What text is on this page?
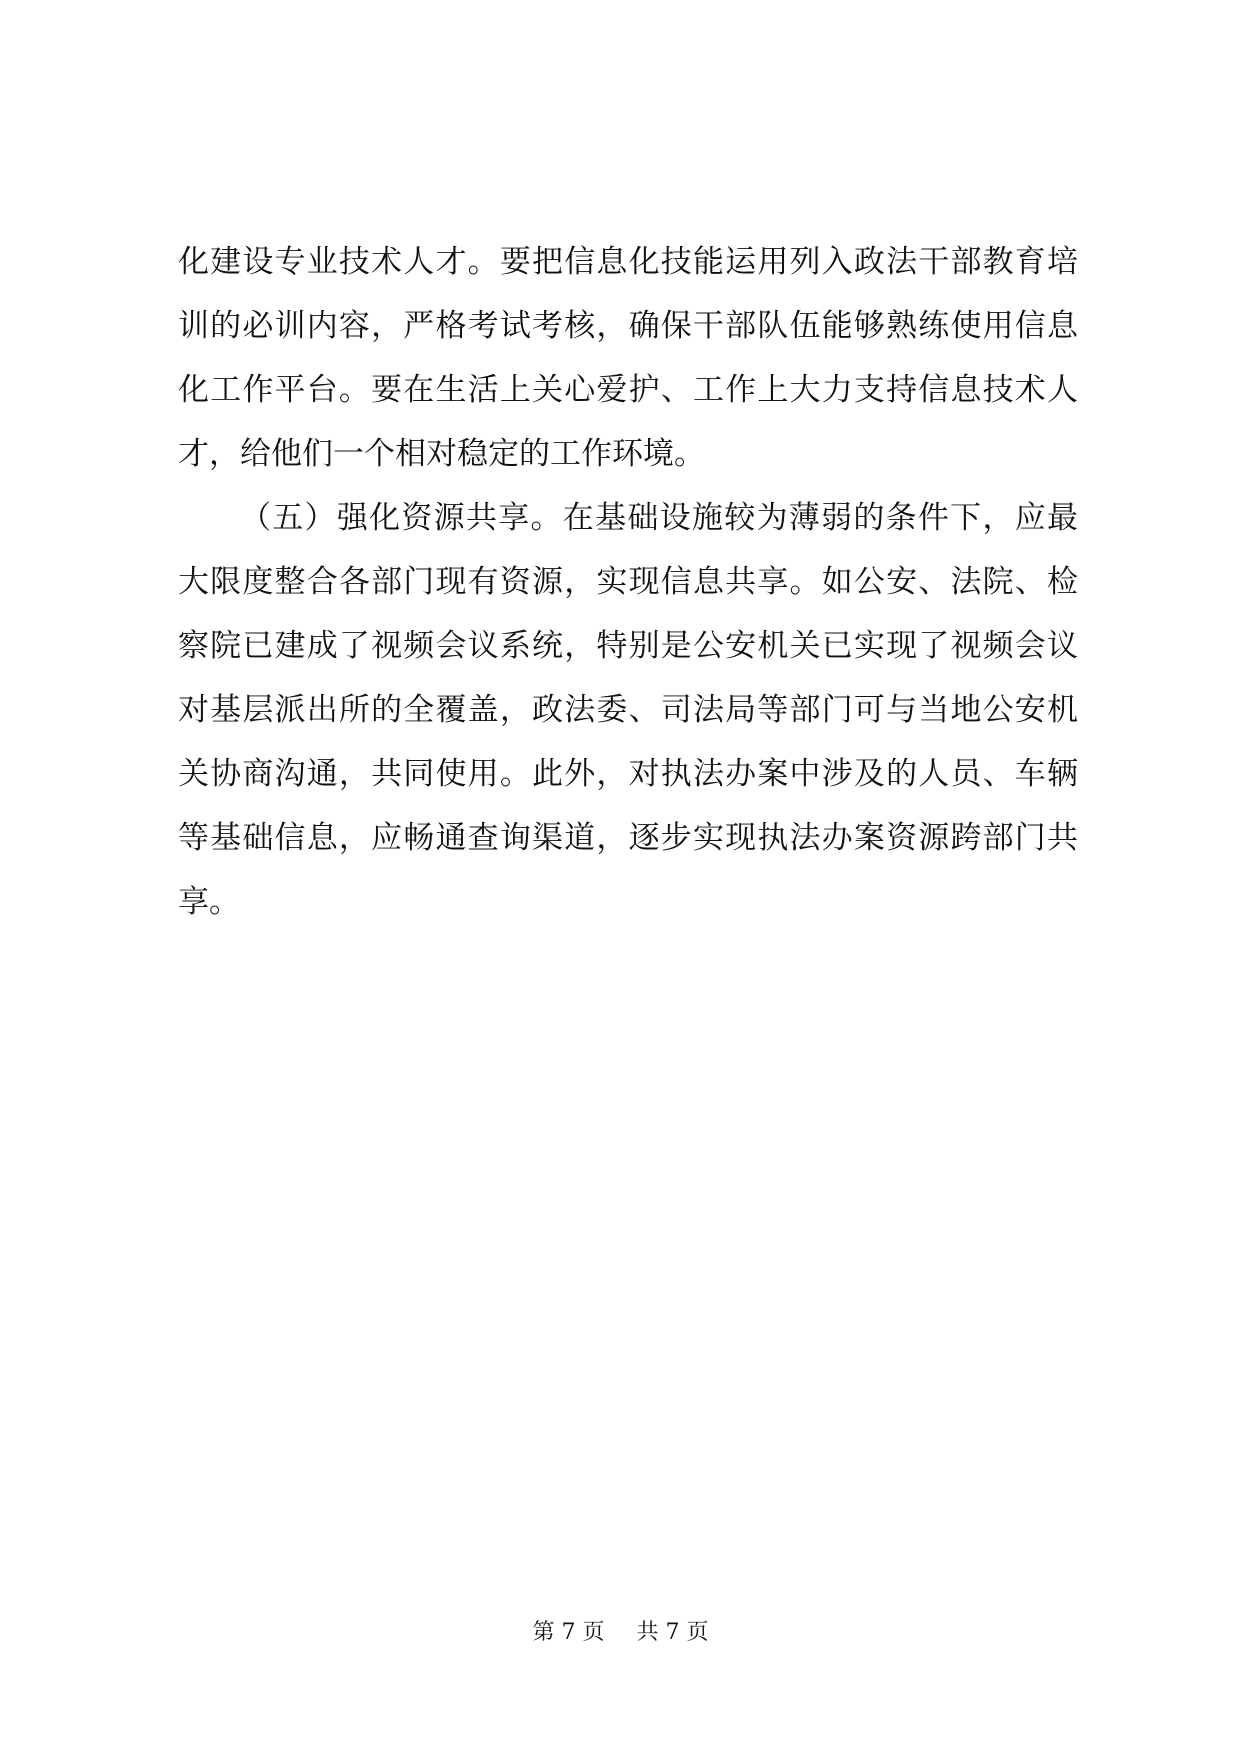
化建设专业技术人才。要把信息化技能运用列入政法干部教育培
训的必训内容，严格考试考核，确保干部队伍能够熟练使用信息
化工作平台。要在生活上关心爱护、工作上大力支持信息技术人
才，给他们一个相对稳定的工作环境。
（五）强化资源共享。在基础设施较为薄弱的条件下，应最
大限度整合各部门现有资源，实现信息共享。如公安、法院、检
察院已建成了视频会议系统，特别是公安机关已实现了视频会议
对基层派出所的全覆盖，政法委、司法局等部门可与当地公安机
关协商沟通，共同使用。此外，对执法办案中涉及的人员、车辆
等基础信息，应畅通查询渠道，逐步实现执法办案资源跨部门共
享。
第 7 页 共 7 页
